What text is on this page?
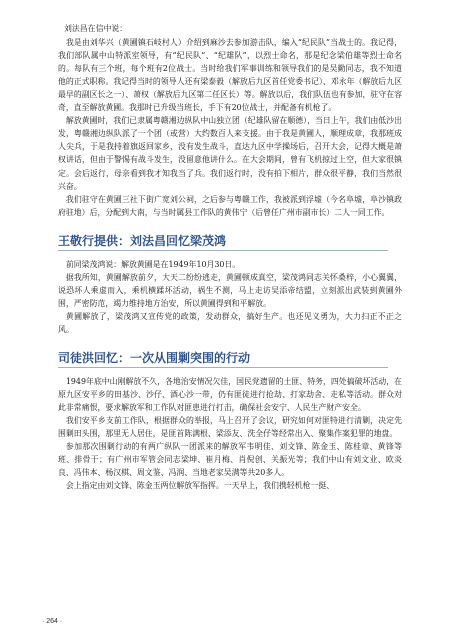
刘法昌在信中说：

我是由刘华兴（黄圃镇石岐村人）介绍到麻沙去参加游击队，编入“纪民队”当战士的。我记得，我们部队属中山特派室领导，有“纪民队”、“纪雄队”，以烈士命名，那是纪念梁伯雄等烈士命名的。每队有三个班，每个班有2位战士。当时给我们军事训练和领导我们的是吴勤同志，我不知道他的正式职称。我记得当时的领导人还有梁泰毅（解放后九区首任党委书记）、邓永年（解放后九区最早的副区长之一）、萧权（解放后九区第二任区长）等。解放以后，我们队伍也有参加，驻守在容奇，直至解放黄圃。我那时已升级当班长，手下有20位战士，并配备有机枪了。

解放黄圃时，我们已隶属粤赣湘边纵队中山独立团（纪雄队留在顺德），当日上午，我们由低沙出发，粤赣湘边纵队派了一个团（或营）大约数百人来支援。由于我是黄圃人，顺理成章，我那班成人尖兵，于是我持着旗返回家乡，没有发生战斗，直达九区中学操场后，召开大会，记得大概是萧权讲话，但由于警惕有战斗发生，没留意他讲什么。在大会期间，曾有飞机掠过上空，但大家很镇定。会后返行，母亲看到我才知我当了兵。我们返行时，没有拍下相片，群众很平静，我们当然很兴奋。

我们驻守在黄圃三社下街广宽刘公祠，之后参与粤赣工作，我被派到浮墟（今名阜墟，阜沙镇政府驻地）后，分配到大南，与当时属县工作队的黄伟宁（后曾任广州市副市长）二人一同工作。

王敬行提供：刘法昌回忆梁茂鸿

前同梁茂鸿说：解放黄圃是在1949年10月30日。

据我所知，黄圃解放前夕，大天二纷纷逃走，黄圃顿成真空，梁茂鸿同志关怀桑梓，小心翼翼，说恐坏人乘虚而入，乘机横蹂坏活动，祸生不测，马上走访吴添帝结盟，立刻派出武装到黄圃外围，严密防范，竭力维持地方治安，所以黄圃得到和平解放。

黄圃解放了，梁茂鸿又宣传党的政策，发动群众，搞好生产。也还见义勇为，大力扫正不正之风。

司徒洪回忆：一次从围剿突围的行动

1949年底中山刚解放不久，各地治安情况欠佳，国民党遗留的土匪、特务，四处搞破坏活动，在原九区安平乡的田基沙、沙仔、酒心沙一带，仍有匪徒进行抢劫、打家劫舍、走私等活动。群众对此非常痛恨，要求解放军和工作队对匪患进行打击，确保社会安宁、人民生产财产安全。

我们安平乡支前工作队，根据群众的举报，马上召开了会议，研究如何对匪特进行清剿，决定先围剿田头围，那里无人居住，是匪首陈满根、梁添友、洗全仔等经常出入、聚集作案犯罪的地盘。

参加那次围剿行动的有两广纵队一团派来的解放军韦明佳、刘文锋、陈金玉、陈桂章、黄锋等班、排骨干；有广州市军管会同志梁坤、崔月梅、肖倪创、关振光等；我们中山有刘文业、欧炎良、冯伟本、杨汉棋、周文鉴、冯润、当地老家吴满等共20多人。

会上指定由刘文锋、陈金玉两位解放军指挥。一天早上，我们携轻机枪一挺、

· 264 ·
